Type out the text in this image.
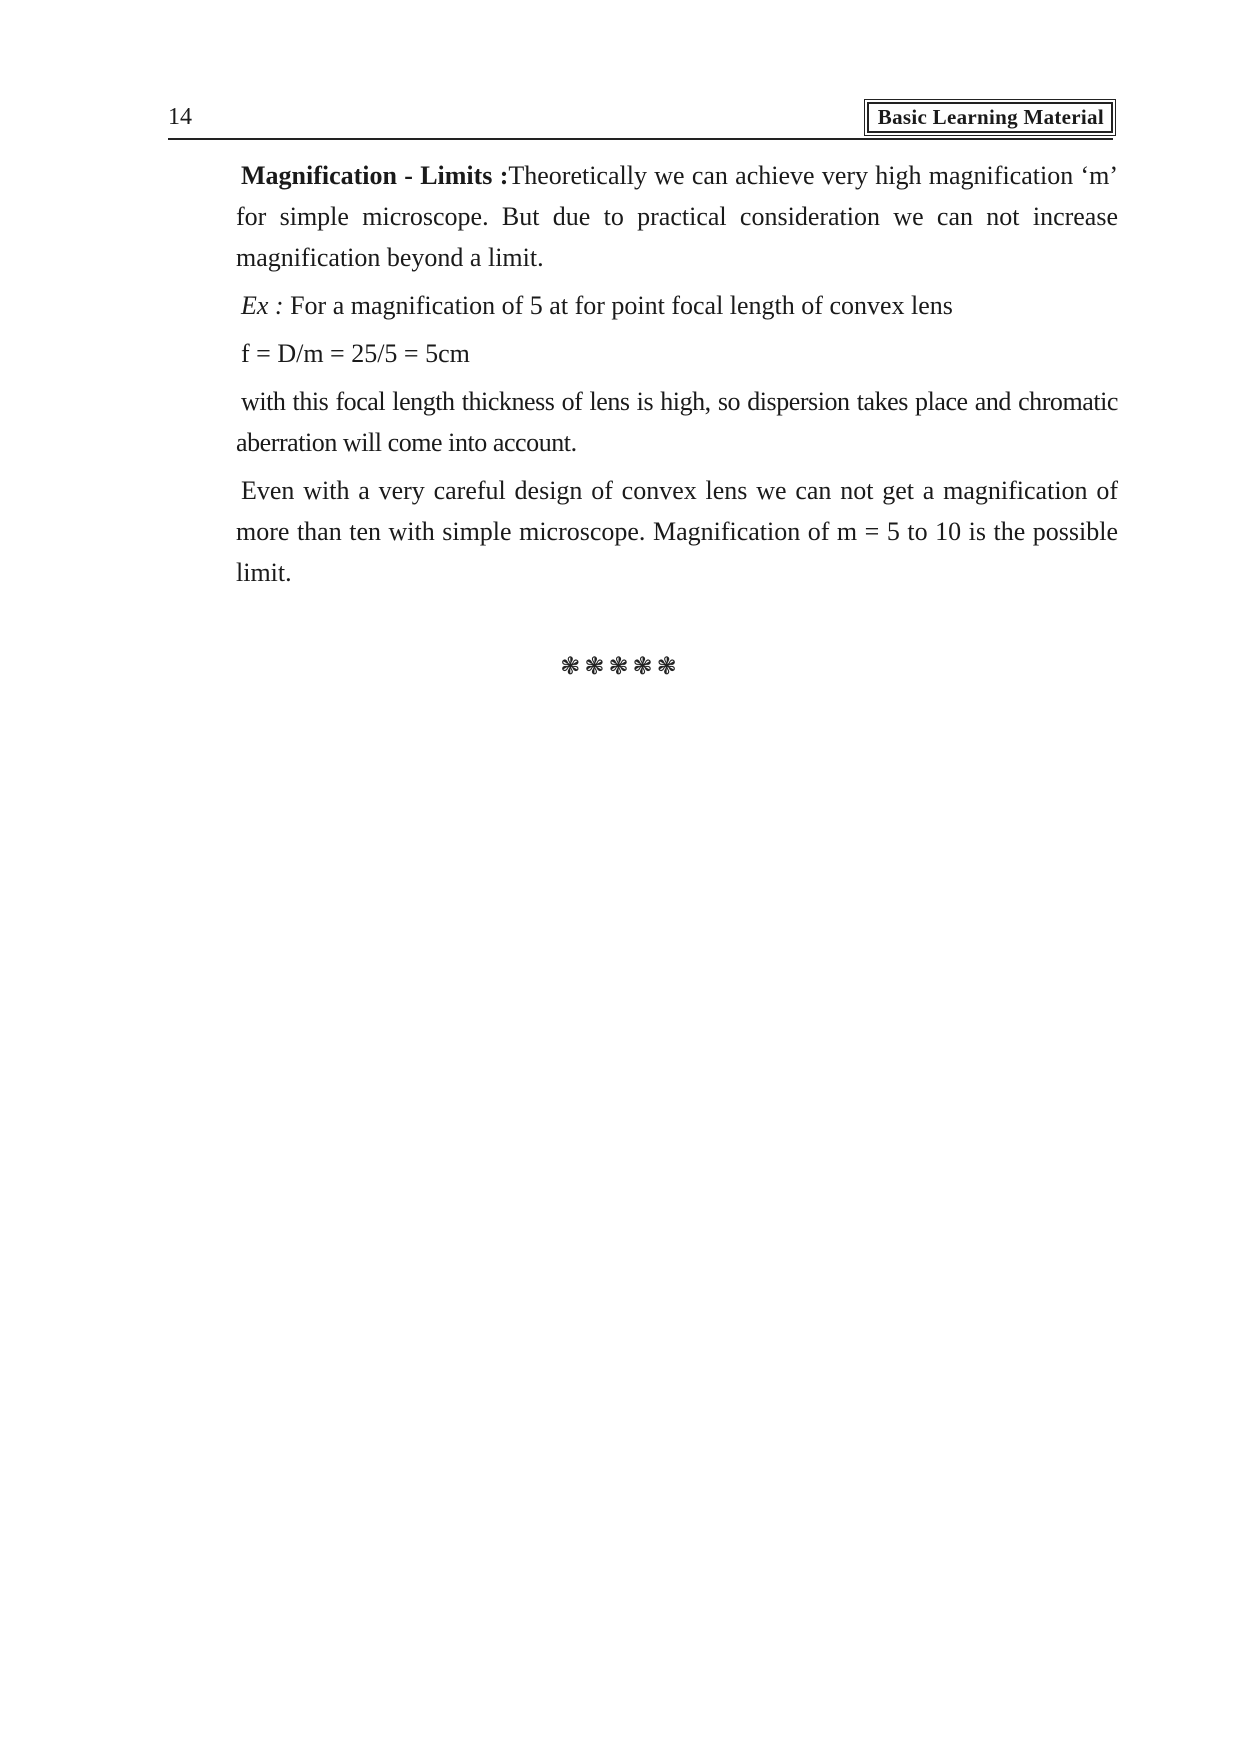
14	Basic Learning Material

Magnification - Limits :Theoretically we can achieve very high magnification ‘m’ for simple microscope. But due to practical consideration we can not increase magnification beyond a limit.

Ex : For a magnification of 5 at for point focal length of convex lens

f = D/m = 25/5 = 5cm

with this focal length thickness of lens is high, so dispersion takes place and chromatic aberration will come into account.

Even with a very careful design of convex lens we can not get a magnification of more than ten with simple microscope. Magnification of m = 5 to 10 is the possible limit.

❃❃❃❃❃
